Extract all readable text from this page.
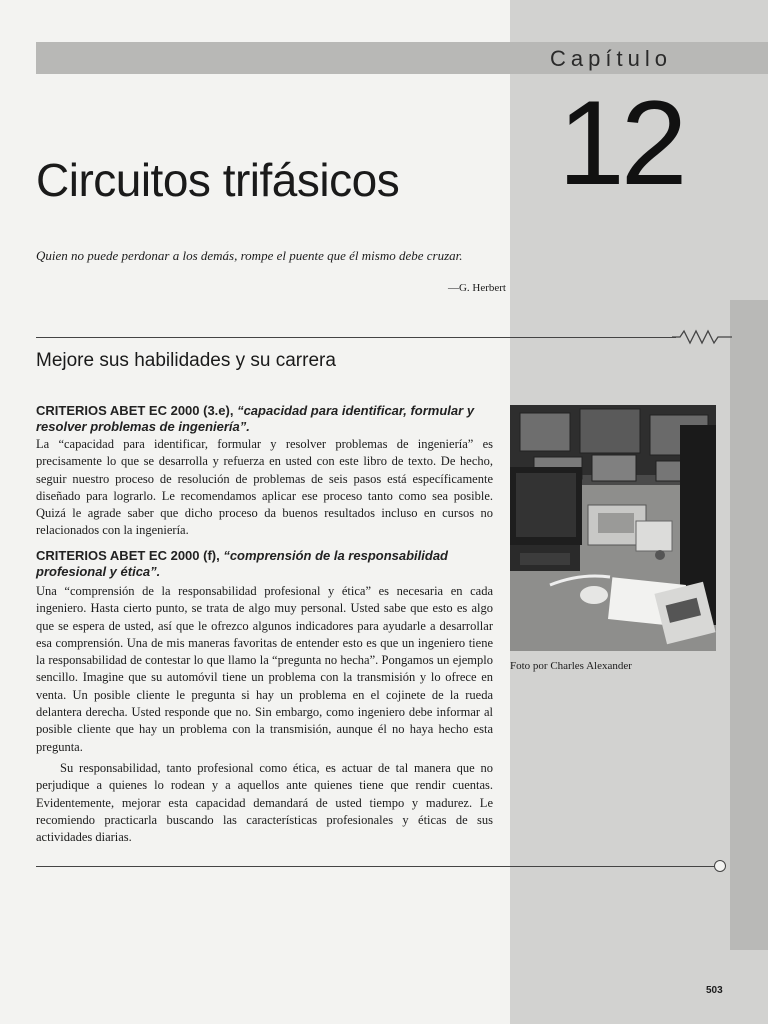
Capítulo
12
Circuitos trifásicos
Quien no puede perdonar a los demás, rompe el puente que él mismo debe cruzar.
—G. Herbert
Mejore sus habilidades y su carrera
CRITERIOS ABET EC 2000 (3.e), “capacidad para identificar, formular y resolver problemas de ingeniería”.
La “capacidad para identificar, formular y resolver problemas de ingeniería” es precisamente lo que se desarrolla y refuerza en usted con este libro de texto. De hecho, seguir nuestro proceso de resolución de problemas de seis pasos está específicamente diseñado para lograrlo. Le recomendamos aplicar ese proceso tanto como sea posible. Quizá le agrade saber que dicho proceso da buenos resultados incluso en cursos no relacionados con la ingeniería.
CRITERIOS ABET EC 2000 (f), “comprensión de la responsabilidad profesional y ética”.
Una “comprensión de la responsabilidad profesional y ética” es necesaria en cada ingeniero. Hasta cierto punto, se trata de algo muy personal. Usted sabe que esto es algo que se espera de usted, así que le ofrezco algunos indicadores para ayudarle a desarrollar esa comprensión. Una de mis maneras favoritas de entender esto es que un ingeniero tiene la responsabilidad de contestar lo que llamo la “pregunta no hecha”. Pongamos un ejemplo sencillo. Imagine que su automóvil tiene un problema con la transmisión y lo ofrece en venta. Un posible cliente le pregunta si hay un problema en el cojinete de la rueda delantera derecha. Usted responde que no. Sin embargo, como ingeniero debe informar al posible cliente que hay un problema con la transmisión, aunque él no haya hecho esta pregunta.
Su responsabilidad, tanto profesional como ética, es actuar de tal manera que no perjudique a quienes lo rodean y a aquellos ante quienes tiene que rendir cuentas. Evidentemente, mejorar esta capacidad demandará de usted tiempo y madurez. Le recomiendo practicarla buscando las características profesionales y éticas de sus actividades diarias.
Foto por Charles Alexander
503
